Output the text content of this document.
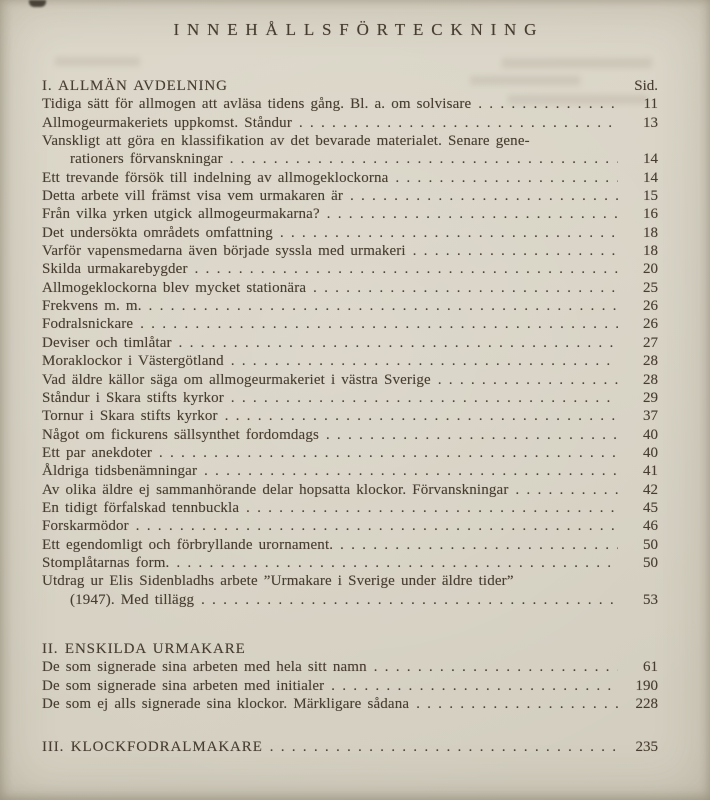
INNEHÅLLSFÖRTECKNING
I. ALLMÄN AVDELNING	Sid.
Tidiga sätt för allmogen att avläsa tidens gång. Bl. a. om solvisare . . .	11
Allmogeurmakeriets uppkomst. Ståndur . . .	13
Vanskligt att göra en klassifikation av det bevarade materialet. Senare gene-
rationers förvanskningar . . .	14
Ett trevande försök till indelning av allmogeklockorna . . .	14
Detta arbete vill främst visa vem urmakaren är . . .	15
Från vilka yrken utgick allmogeurmakarna? . . .	16
Det undersökta områdets omfattning . . .	18
Varför vapensmedarna även började syssla med urmakeri . . .	18
Skilda urmakarebygder . . .	20
Allmogeklockorna blev mycket stationära . . .	25
Frekvens m. m. . . .	26
Fodralsnickare . . .	26
Deviser och timlåtar . . .	27
Moraklockor i Västergötland . . .	28
Vad äldre källor säga om allmogeurmakeriet i västra Sverige . . .	28
Ståndur i Skara stifts kyrkor . . .	29
Tornur i Skara stifts kyrkor . . .	37
Något om fickurens sällsynthet fordomdags . . .	40
Ett par anekdoter . . .	40
Åldriga tidsbenämningar . . .	41
Av olika äldre ej sammanhörande delar hopsatta klockor. Förvanskningar . . .	42
En tidigt förfalskad tennbuckla . . .	45
Forskarmödor . . .	46
Ett egendomligt och förbryllande urornament. . . .	50
Stomplåtarnas form. . . .	50
Utdrag ur Elis Sidenbladhs arbete ”Urmakare i Sverige under äldre tider”
(1947). Med tillägg . . .	53
II. ENSKILDA URMAKARE
De som signerade sina arbeten med hela sitt namn . . .	61
De som signerade sina arbeten med initialer . . .	190
De som ej alls signerade sina klockor. Märkligare sådana . . .	228
III. KLOCKFODRALMAKARE . . .	235
